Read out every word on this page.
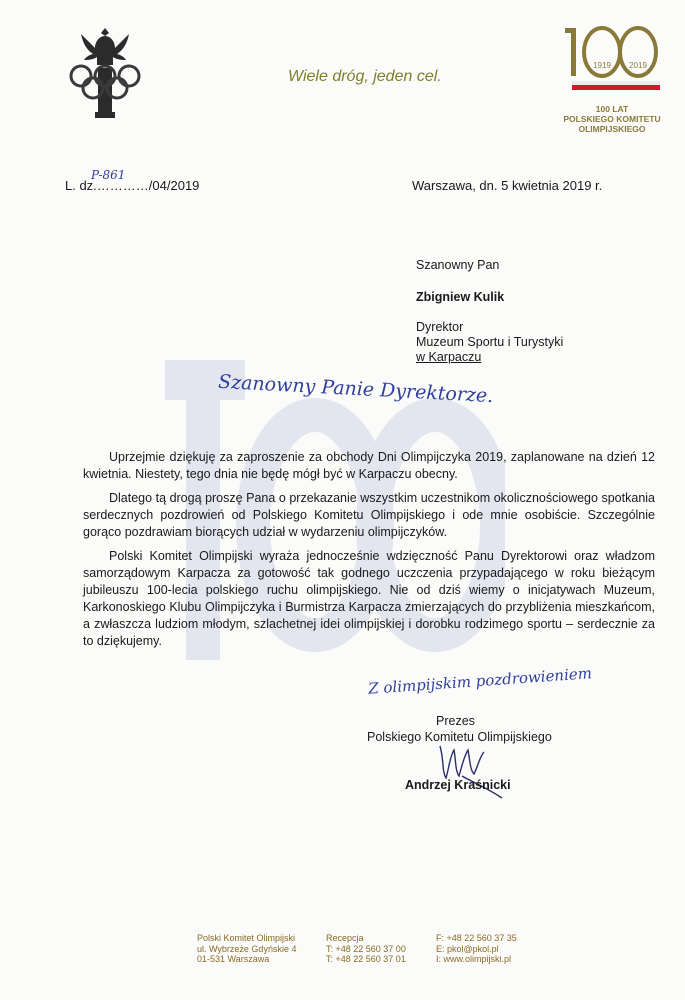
Wiele dróg, jeden cel.
1919 2019
100 LAT
POLSKIEGO KOMITETU
OLIMPIJSKIEGO
L. dz.…………/04/2019
P-861
Warszawa, dn. 5 kwietnia 2019 r.
Szanowny Pan
Zbigniew Kulik
Dyrektor
Muzeum Sportu i Turystyki
w Karpaczu
Szanowny Panie Dyrektorze.

Uprzejmie dziękuję za zaproszenie za obchody Dni Olimpijczyka 2019, zaplanowane na dzień 12 kwietnia. Niestety, tego dnia nie będę mógł być w Karpaczu obecny.

Dlatego tą drogą proszę Pana o przekazanie wszystkim uczestnikom okolicznościowego spotkania serdecznych pozdrowień od Polskiego Komitetu Olimpijskiego i ode mnie osobiście. Szczególnie gorąco pozdrawiam biorących udział w wydarzeniu olimpijczyków.

Polski Komitet Olimpijski wyraża jednocześnie wdzięczność Panu Dyrektorowi oraz władzom samorządowym Karpacza za gotowość tak godnego uczczenia przypadającego w roku bieżącym jubileuszu 100-lecia polskiego ruchu olimpijskiego. Nie od dziś wiemy o inicjatywach Muzeum, Karkonoskiego Klubu Olimpijczyka i Burmistrza Karpacza zmierzających do przybliżenia mieszkańcom, a zwłaszcza ludziom młodym, szlachetnej idei olimpijskiej i dorobku rodzimego sportu – serdecznie za to dziękujemy.

Z olimpijskim pozdrowieniem
Prezes
Polskiego Komitetu Olimpijskiego
Andrzej Kraśnicki
Polski Komitet Olimpijski
ul. Wybrzeże Gdyńskie 4
01-531 Warszawa
Recepcja
T: +48 22 560 37 00
T: +48 22 560 37 01
F: +48 22 560 37 35
E: pkol@pkol.pl
I: www.olimpijski.pl
